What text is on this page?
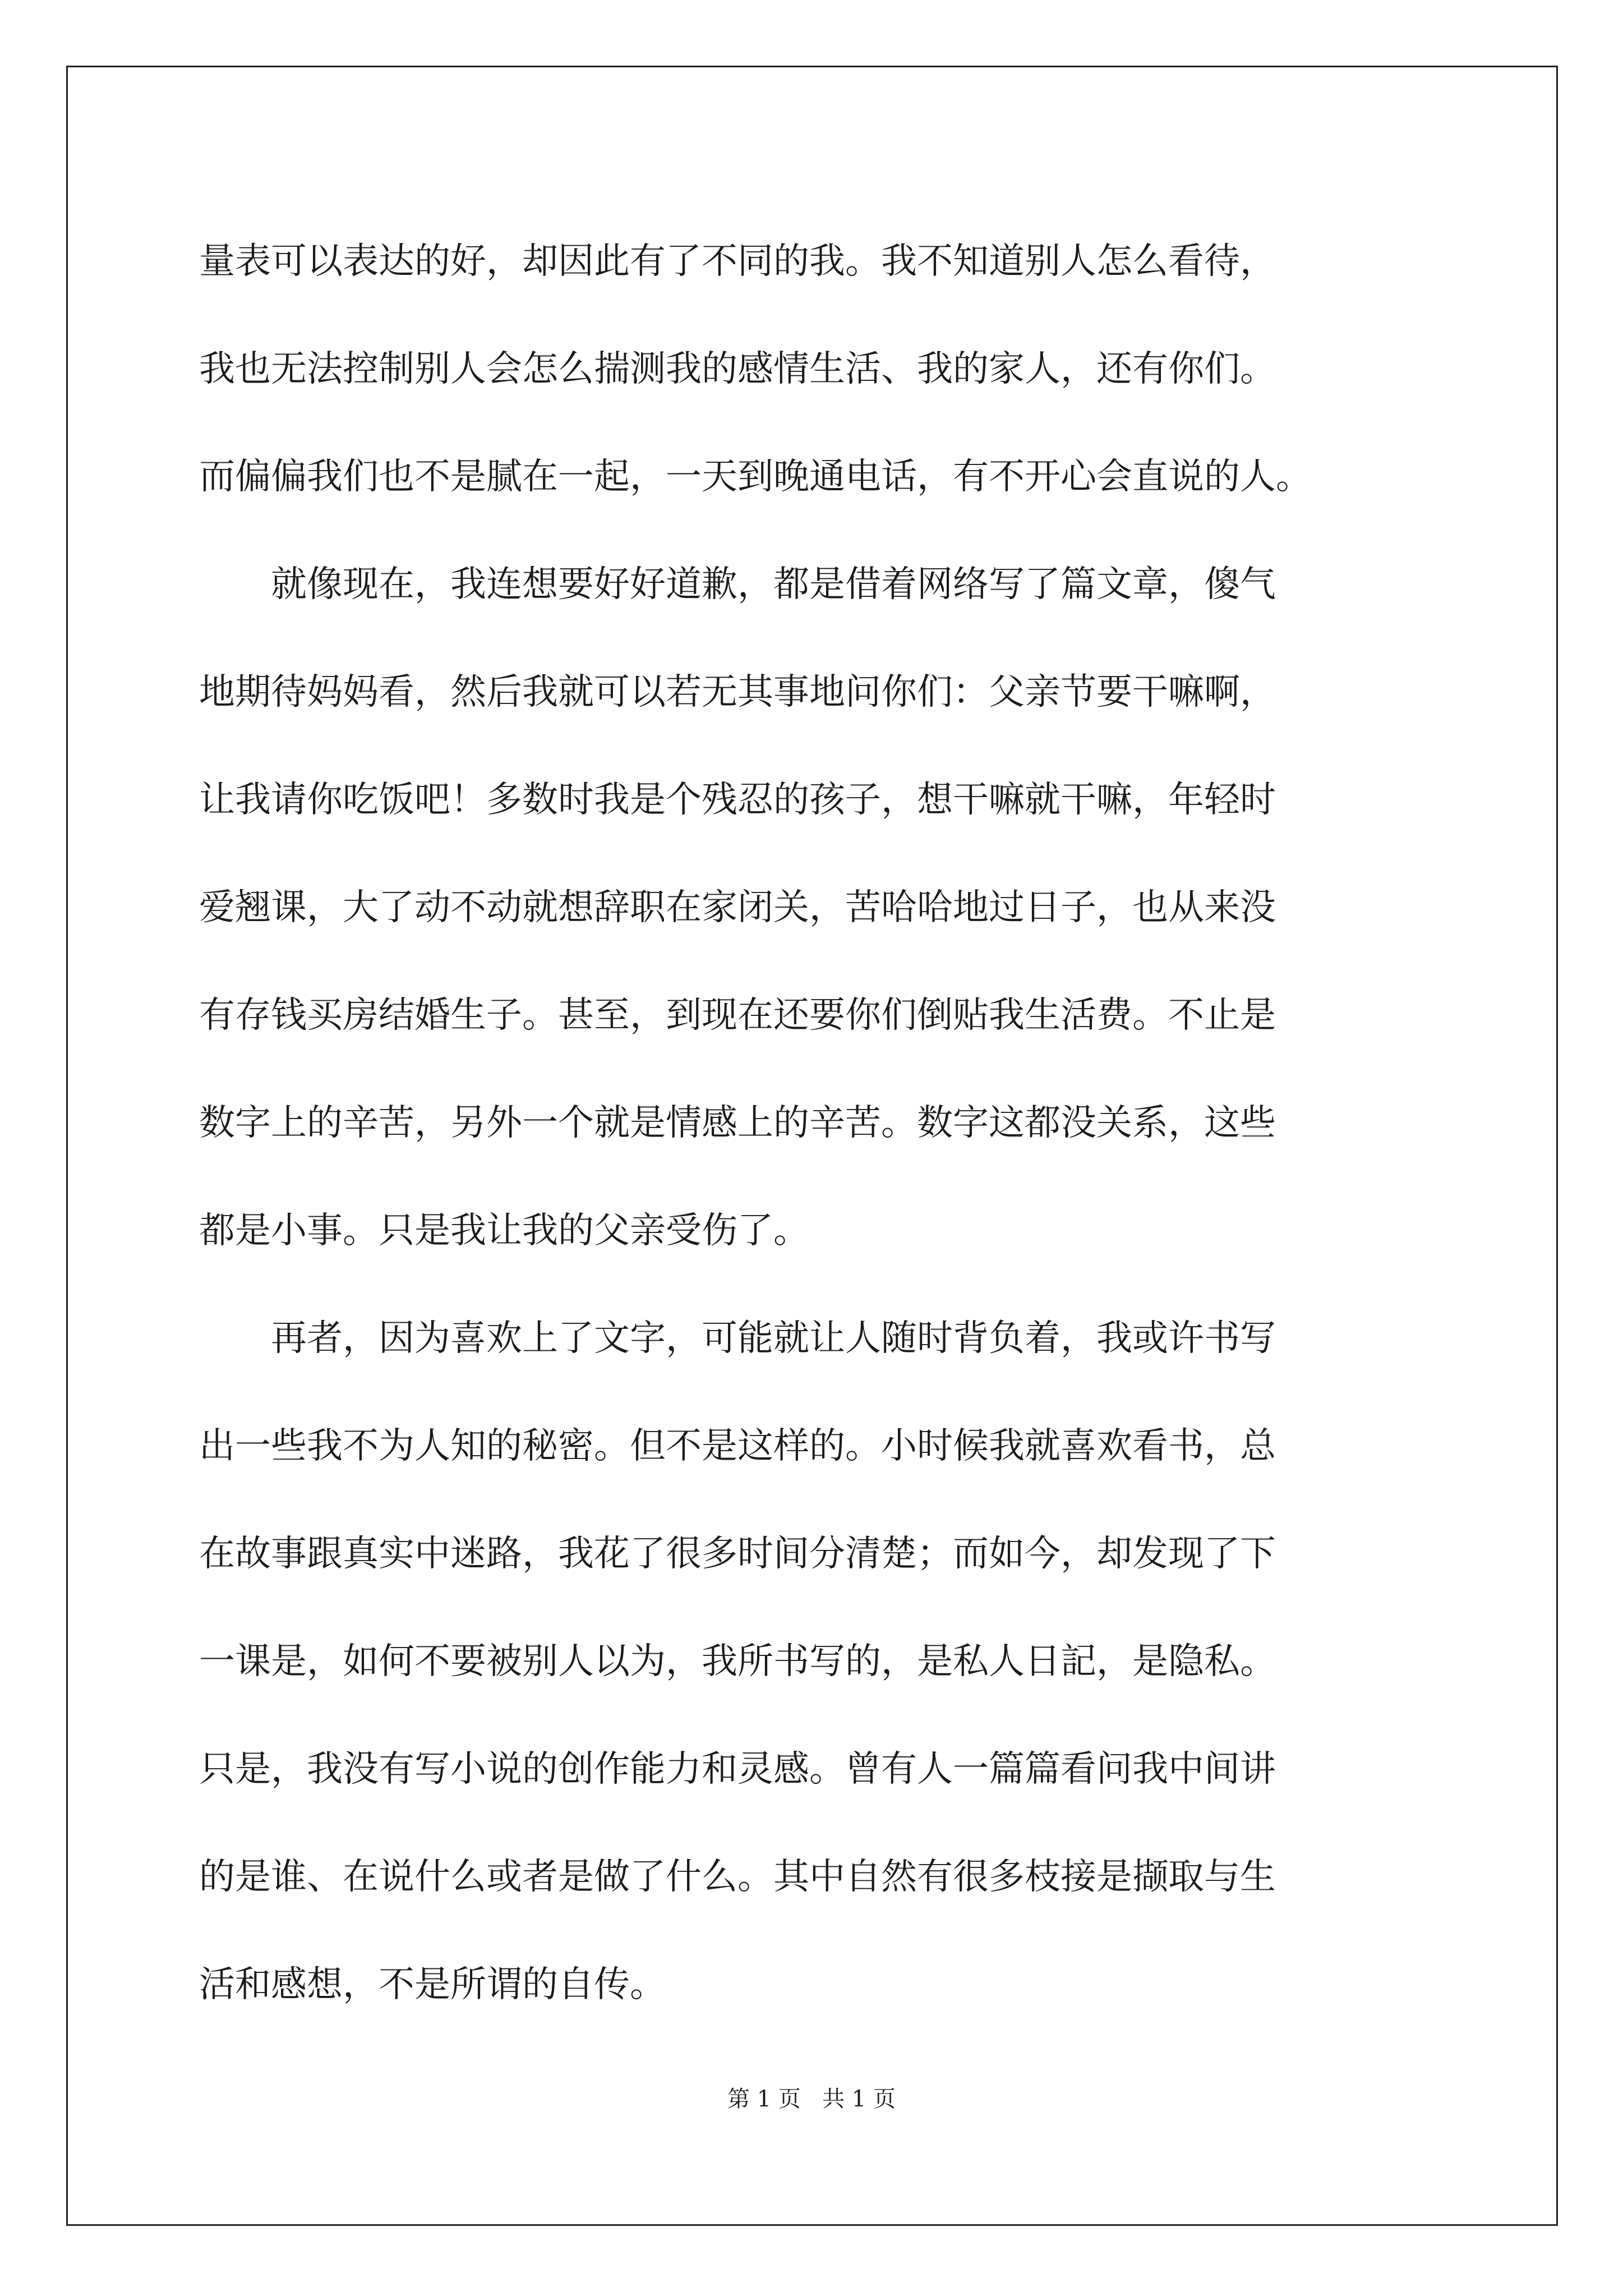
量表可以表达的好，却因此有了不同的我。我不知道别人怎么看待，
我也无法控制别人会怎么揣测我的感情生活、我的家人，还有你们。
而偏偏我们也不是腻在一起，一天到晚通电话，有不开心会直说的人。
就像现在，我连想要好好道歉，都是借着网络写了篇文章，傻气
地期待妈妈看，然后我就可以若无其事地问你们：父亲节要干嘛啊，
让我请你吃饭吧！多数时我是个残忍的孩子，想干嘛就干嘛，年轻时
爱翘课，大了动不动就想辞职在家闭关，苦哈哈地过日子，也从来没
有存钱买房结婚生子。甚至，到现在还要你们倒贴我生活费。不止是
数字上的辛苦，另外一个就是情感上的辛苦。数字这都没关系，这些
都是小事。只是我让我的父亲受伤了。
再者，因为喜欢上了文字，可能就让人随时背负着，我或许书写
出一些我不为人知的秘密。但不是这样的。小时候我就喜欢看书，总
在故事跟真实中迷路，我花了很多时间分清楚；而如今，却发现了下
一课是，如何不要被别人以为，我所书写的，是私人日記，是隐私。
只是，我没有写小说的创作能力和灵感。曾有人一篇篇看问我中间讲
的是谁、在说什么或者是做了什么。其中自然有很多枝接是撷取与生
活和感想，不是所谓的自传。
第 1 页   共 1 页
